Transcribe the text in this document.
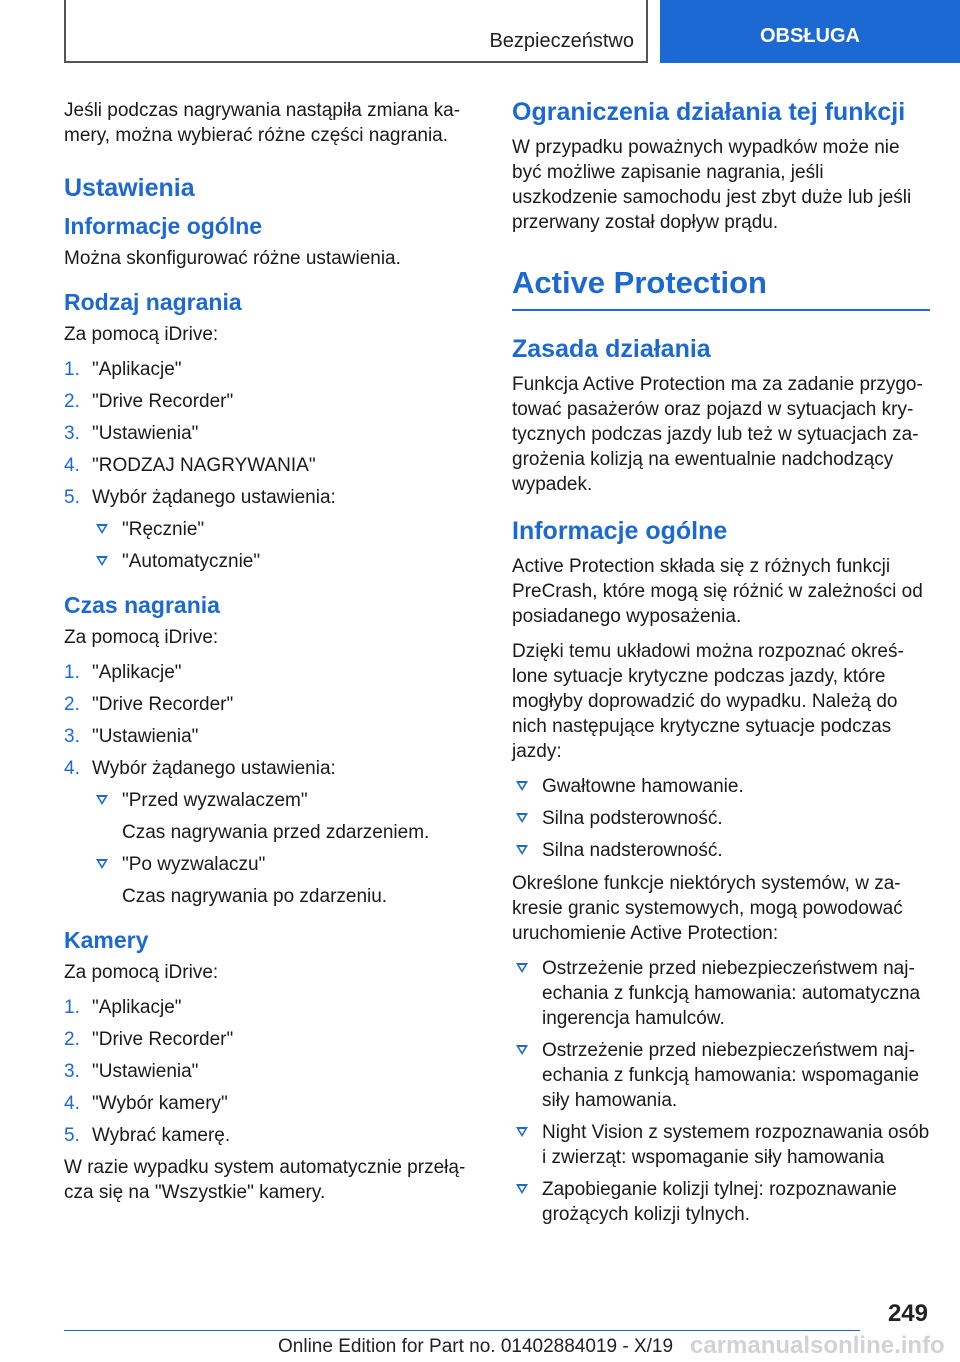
Bezpieczeństwo	OBSŁUGA

Jeśli podczas nagrywania nastąpiła zmiana kamery, można wybierać różne części nagrania.

Ustawienia
Informacje ogólne

Można skonfigurować różne ustawienia.

Rodzaj nagrania

Za pomocą iDrive:

1. "Aplikacje"
2. "Drive Recorder"
3. "Ustawienia"
4. "RODZAJ NAGRYWANIA"
5. Wybór żądanego ustawienia:
"Ręcznie"
"Automatycznie"
Czas nagrania

Za pomocą iDrive:

1. "Aplikacje"
2. "Drive Recorder"
3. "Ustawienia"
4. Wybór żądanego ustawienia:
"Przed wyzwalaczem"
Czas nagrywania przed zdarzeniem.
"Po wyzwalaczu"
Czas nagrywania po zdarzeniu.
Kamery

Za pomocą iDrive:

1. "Aplikacje"
2. "Drive Recorder"
3. "Ustawienia"
4. "Wybór kamery"
5. Wybrać kamerę.

W razie wypadku system automatycznie przełącza się na "Wszystkie" kamery.

Ograniczenia działania tej funkcji

W przypadku poważnych wypadków może nie być możliwe zapisanie nagrania, jeśli uszkodzenie samochodu jest zbyt duże lub jeśli przerwany został dopływ prądu.

Active Protection
Zasada działania

Funkcja Active Protection ma za zadanie przygotować pasażerów oraz pojazd w sytuacjach krytycznych podczas jazdy lub też w sytuacjach zagrożenia kolizją na ewentualnie nadchodzący wypadek.

Informacje ogólne

Active Protection składa się z różnych funkcji PreCrash, które mogą się różnić w zależności od posiadanego wyposażenia.

Dzięki temu układowi można rozpoznać określone sytuacje krytyczne podczas jazdy, które mogłyby doprowadzić do wypadku. Należą do nich następujące krytyczne sytuacje podczas jazdy:

Gwałtowne hamowanie.
Silna podsterowność.
Silna nadsterowność.

Określone funkcje niektórych systemów, w zakresie granic systemowych, mogą powodować uruchomienie Active Protection:

Ostrzeżenie przed niebezpieczeństwem najechania z funkcją hamowania: automatyczna ingerencja hamulców.
Ostrzeżenie przed niebezpieczeństwem najechania z funkcją hamowania: wspomaganie siły hamowania.
Night Vision z systemem rozpoznawania osób i zwierząt: wspomaganie siły hamowania
Zapobieganie kolizji tylnej: rozpoznawanie grożących kolizji tylnych.
249
Online Edition for Part no. 01402884019 - X/19 carmanualsonline.info
